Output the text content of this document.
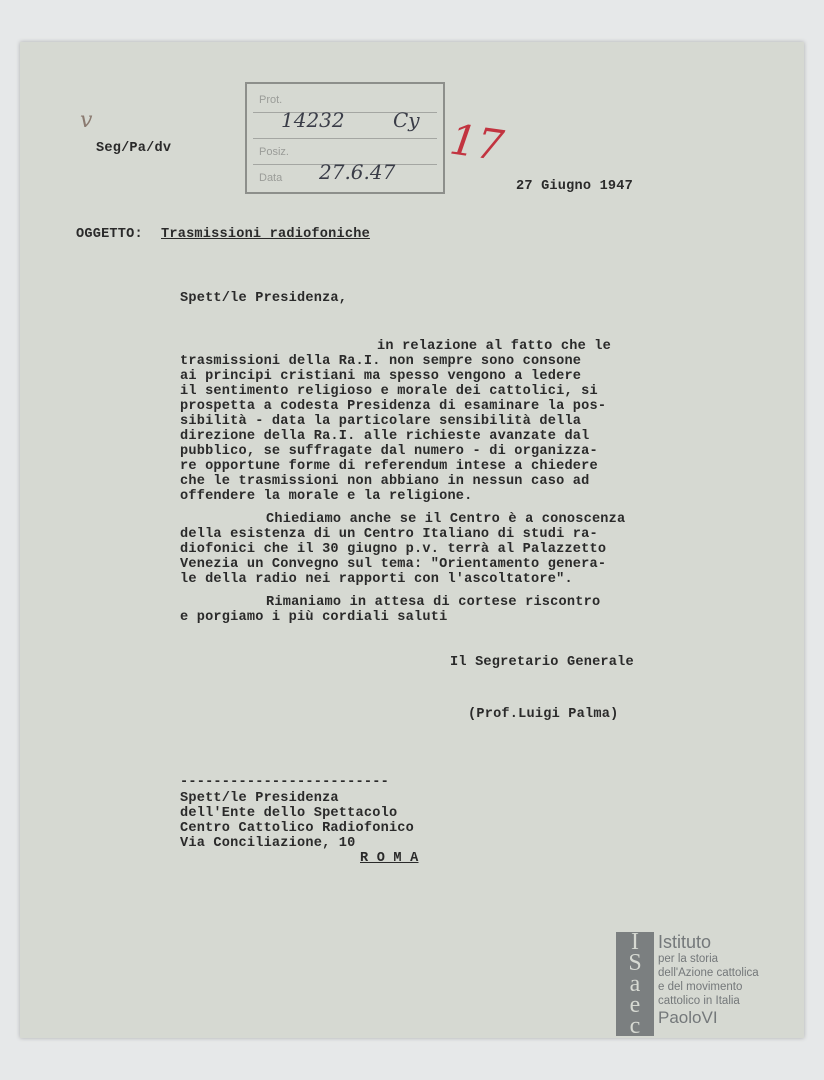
v
Seg/Pa/dv
Prot.
14232 Cy
Posiz.
Data 27.6.47
17
27 Giugno 1947
OGGETTO: Trasmissioni radiofoniche
Spett/le Presidenza,
in relazione al fatto che le
trasmissioni della Ra.I. non sempre sono consone
ai principi cristiani ma spesso vengono a ledere
il sentimento religioso e morale dei cattolici, si
prospetta a codesta Presidenza di esaminare la pos-
sibilità - data la particolare sensibilità della
direzione della Ra.I. alle richieste avanzate dal
pubblico, se suffragate dal numero - di organizza-
re opportune forme di referendum intese a chiedere
che le trasmissioni non abbiano in nessun caso ad
offendere la morale e la religione.
Chiediamo anche se il Centro è a conoscenza
della esistenza di un Centro Italiano di studi ra-
diofonici che il 30 giugno p.v. terrà al Palazzetto
Venezia un Convegno sul tema: "Orientamento genera-
le della radio nei rapporti con l'ascoltatore".
Rimaniamo in attesa di cortese riscontro
e porgiamo i più cordiali saluti
Il Segretario Generale
(Prof.Luigi Palma)
-------------------------
Spett/le Presidenza
dell'Ente dello Spettacolo
Centro Cattolico Radiofonico
Via Conciliazione, 10
R O M A
I
S
a
e
c
Istituto
per la storia
dell'Azione cattolica
e del movimento
cattolico in Italia
PaoloVI
